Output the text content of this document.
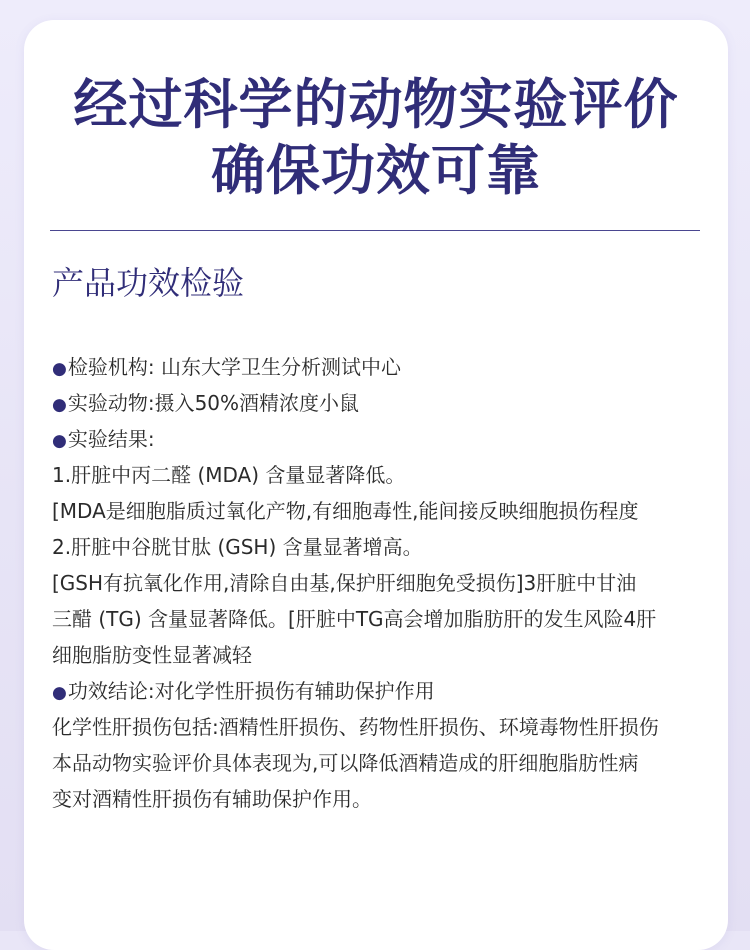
经过科学的动物实验评价
确保功效可靠
产品功效检验
●检验机构: 山东大学卫生分析测试中心
●实验动物:摄入50%酒精浓度小鼠
●实验结果:
1.肝脏中丙二醛 (MDA) 含量显著降低。
[MDA是细胞脂质过氧化产物,有细胞毒性,能间接反映细胞损伤程度
2.肝脏中谷胱甘肽 (GSH) 含量显著增高。
[GSH有抗氧化作用,清除自由基,保护肝细胞免受损伤]3肝脏中甘油
三醋 (TG) 含量显著降低。[肝脏中TG高会增加脂肪肝的发生风险4肝
细胞脂肪变性显著减轻
●功效结论:对化学性肝损伤有辅助保护作用
化学性肝损伤包括:酒精性肝损伤、药物性肝损伤、环境毒物性肝损伤
本品动物实验评价具体表现为,可以降低酒精造成的肝细胞脂肪性病
变对酒精性肝损伤有辅助保护作用。
